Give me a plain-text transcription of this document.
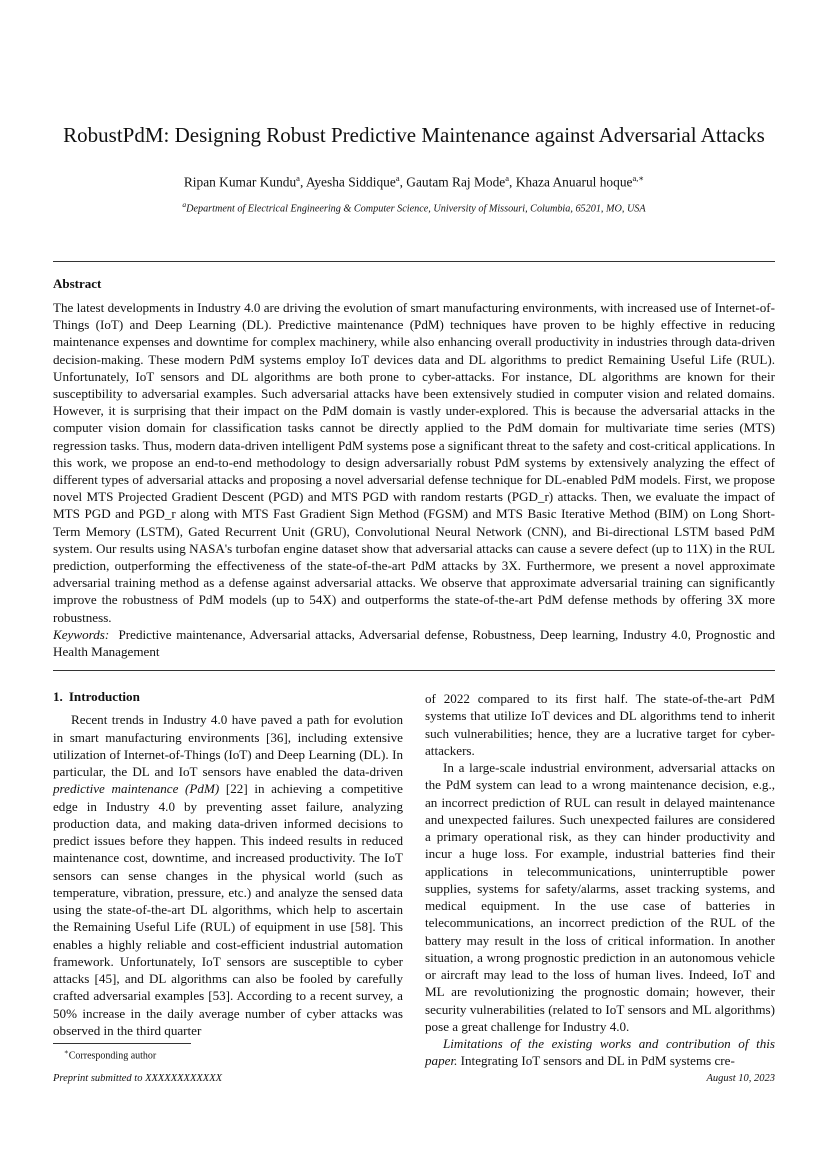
RobustPdM: Designing Robust Predictive Maintenance against Adversarial Attacks
Ripan Kumar Kundu$^a$, Ayesha Siddique$^a$, Gautam Raj Mode$^a$, Khaza Anuarul hoque$^{a,∗}$
$^a$Department of Electrical Engineering & Computer Science, University of Missouri, Columbia, 65201, MO, USA
Abstract
The latest developments in Industry 4.0 are driving the evolution of smart manufacturing environments, with increased use of Internet-of-Things (IoT) and Deep Learning (DL). Predictive maintenance (PdM) techniques have proven to be highly effective in reducing maintenance expenses and downtime for complex machinery, while also enhancing overall productivity in industries through data-driven decision-making. These modern PdM systems employ IoT devices data and DL algorithms to predict Remaining Useful Life (RUL). Unfortunately, IoT sensors and DL algorithms are both prone to cyber-attacks. For instance, DL algorithms are known for their susceptibility to adversarial examples. Such adversarial attacks have been extensively studied in computer vision and related domains. However, it is surprising that their impact on the PdM domain is vastly under-explored. This is because the adversarial attacks in the computer vision domain for classification tasks cannot be directly applied to the PdM domain for multivariate time series (MTS) regression tasks. Thus, modern data-driven intelligent PdM systems pose a significant threat to the safety and cost-critical applications. In this work, we propose an end-to-end methodology to design adversarially robust PdM systems by extensively analyzing the effect of different types of adversarial attacks and proposing a novel adversarial defense technique for DL-enabled PdM models. First, we propose novel MTS Projected Gradient Descent (PGD) and MTS PGD with random restarts (PGD_r) attacks. Then, we evaluate the impact of MTS PGD and PGD_r along with MTS Fast Gradient Sign Method (FGSM) and MTS Basic Iterative Method (BIM) on Long Short-Term Memory (LSTM), Gated Recurrent Unit (GRU), Convolutional Neural Network (CNN), and Bi-directional LSTM based PdM system. Our results using NASA's turbofan engine dataset show that adversarial attacks can cause a severe defect (up to 11X) in the RUL prediction, outperforming the effectiveness of the state-of-the-art PdM attacks by 3X. Furthermore, we present a novel approximate adversarial training method as a defense against adversarial attacks. We observe that approximate adversarial training can significantly improve the robustness of PdM models (up to 54X) and outperforms the state-of-the-art PdM defense methods by offering 3X more robustness.
Keywords: Predictive maintenance, Adversarial attacks, Adversarial defense, Robustness, Deep learning, Industry 4.0, Prognostic and Health Management
1. Introduction

Recent trends in Industry 4.0 have paved a path for evolution in smart manufacturing environments [36], including extensive utilization of Internet-of-Things (IoT) and Deep Learning (DL). In particular, the DL and IoT sensors have enabled the data-driven predictive maintenance (PdM) [22] in achieving a competitive edge in Industry 4.0 by preventing asset failure, analyzing production data, and making data-driven informed decisions to predict issues before they happen. This indeed results in reduced maintenance cost, downtime, and increased productivity. The IoT sensors can sense changes in the physical world (such as temperature, vibration, pressure, etc.) and analyze the sensed data using the state-of-the-art DL algorithms, which help to ascertain the Remaining Useful Life (RUL) of equipment in use [58]. This enables a highly reliable and cost-efficient industrial automation framework. Unfortunately, IoT sensors are susceptible to cyber attacks [45], and DL algorithms can also be fooled by carefully crafted adversarial examples [53]. According to a recent survey, a 50% increase in the daily average number of cyber attacks was observed in the third quarter

of 2022 compared to its first half. The state-of-the-art PdM systems that utilize IoT devices and DL algorithms tend to inherit such vulnerabilities; hence, they are a lucrative target for cyber-attackers.

In a large-scale industrial environment, adversarial attacks on the PdM system can lead to a wrong maintenance decision, e.g., an incorrect prediction of RUL can result in delayed maintenance and unexpected failures. Such unexpected failures are considered a primary operational risk, as they can hinder productivity and incur a huge loss. For example, industrial batteries find their applications in telecommunications, uninterruptible power supplies, systems for safety/alarms, asset tracking systems, and medical equipment. In the use case of batteries in telecommunications, an incorrect prediction of the RUL of the battery may result in the loss of critical information. In another situation, a wrong prognostic prediction in an autonomous vehicle or aircraft may lead to the loss of human lives. Indeed, IoT and ML are revolutionizing the prognostic domain; however, their security vulnerabilities (related to IoT sensors and ML algorithms) pose a great challenge for Industry 4.0.

Limitations of the existing works and contribution of this paper. Integrating IoT sensors and DL in PdM systems cre-

∗Corresponding author
Preprint submitted to XXXXXXXXXXXX	August 10, 2023
